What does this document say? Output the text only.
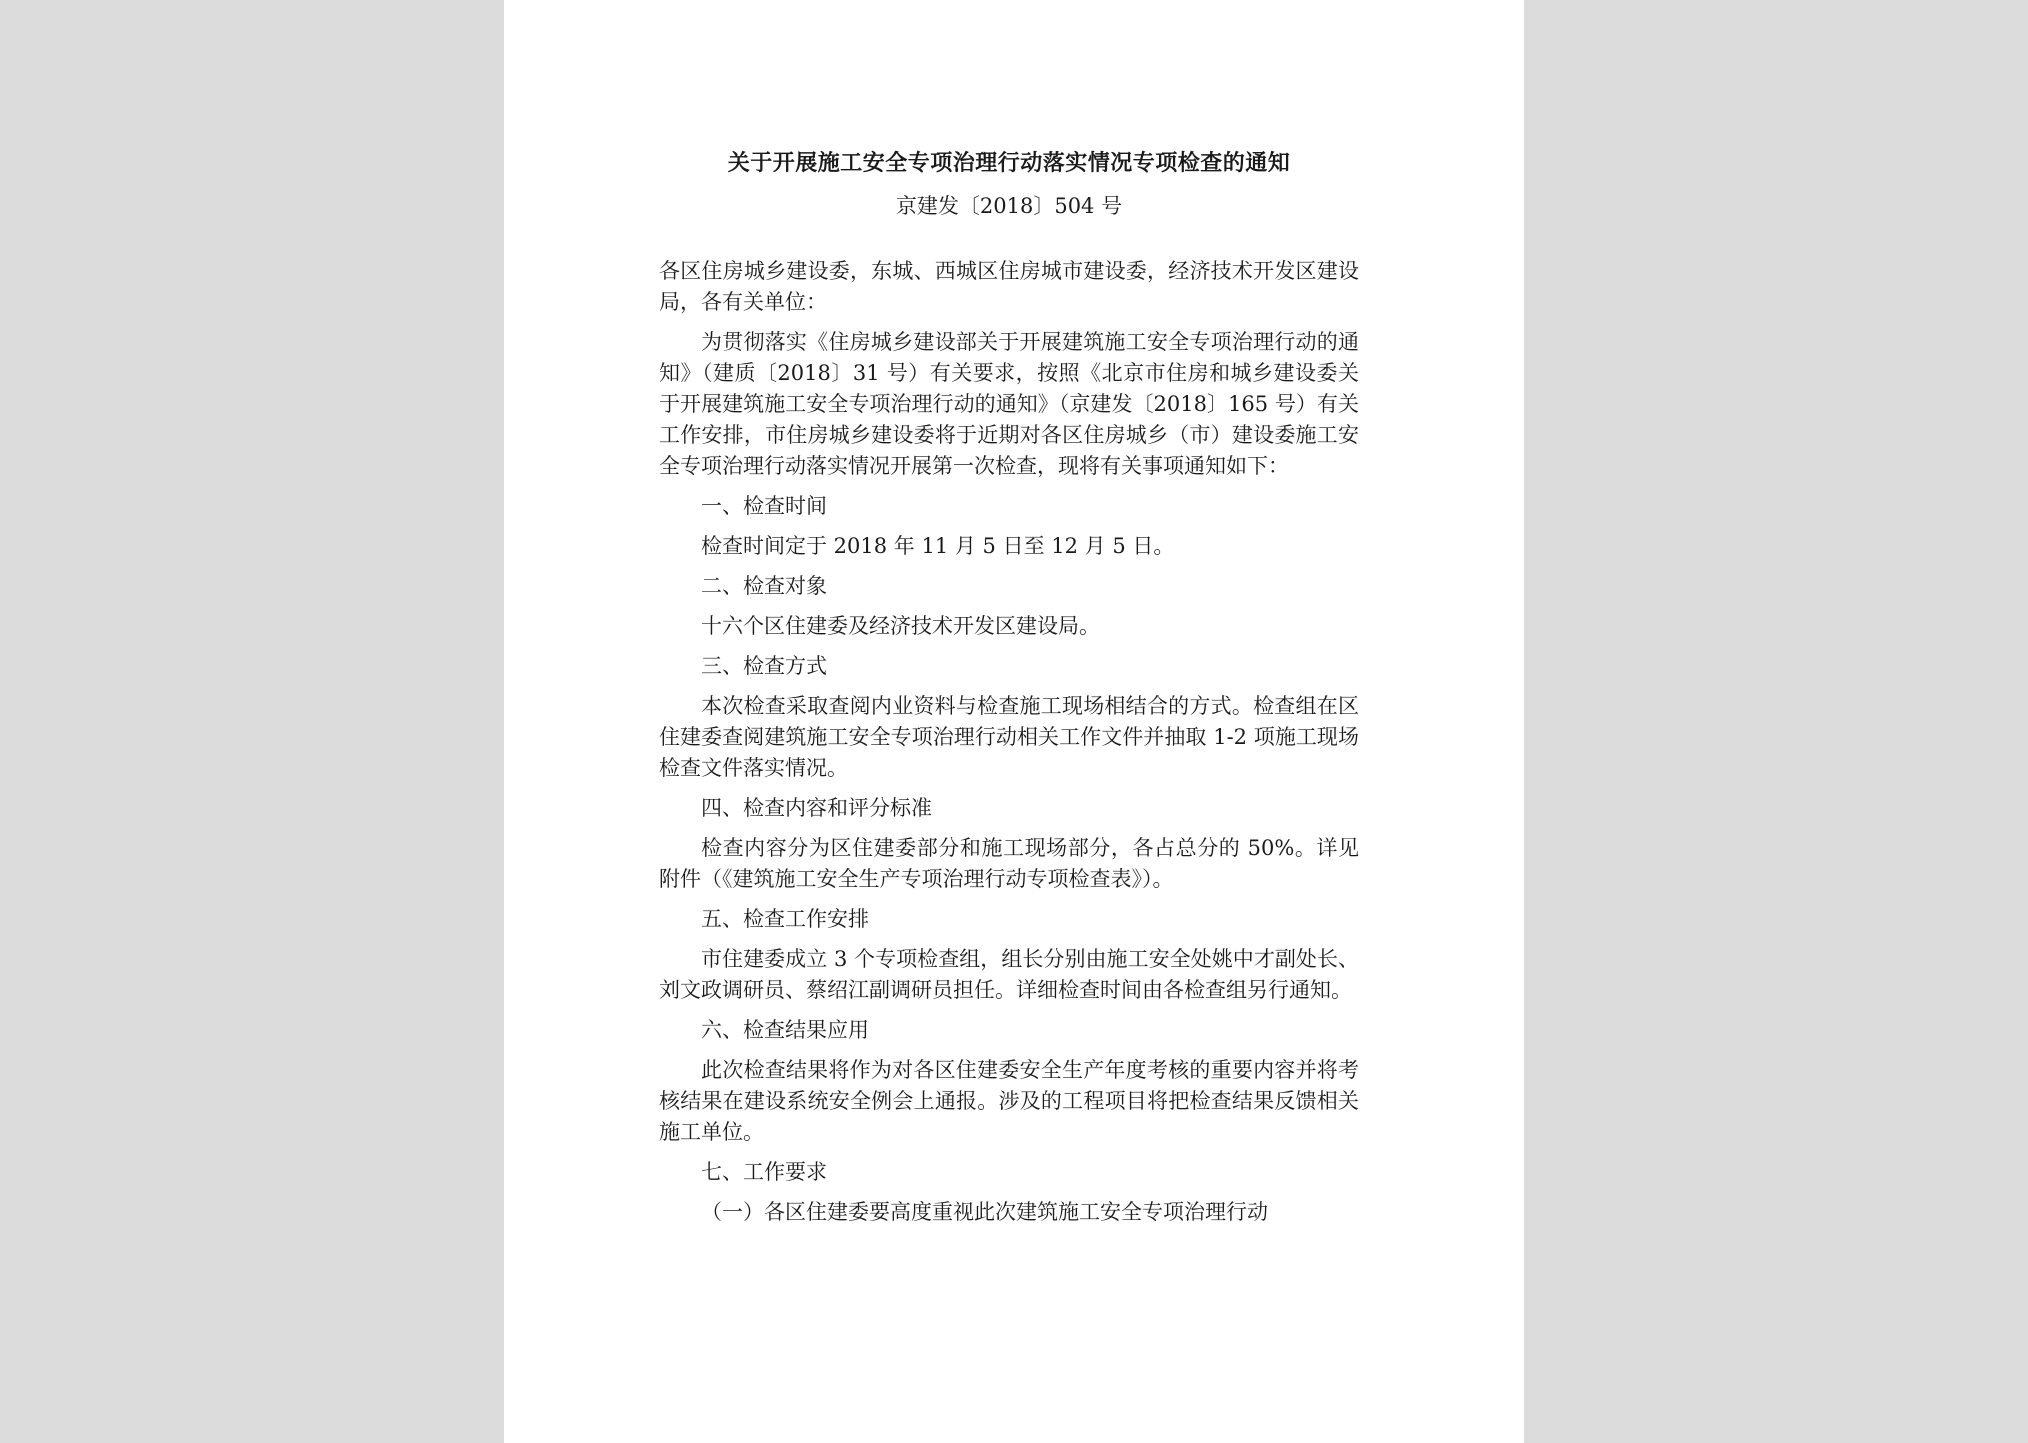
关于开展施工安全专项治理行动落实情况专项检查的通知
京建发〔2018〕504 号
各区住房城乡建设委，东城、西城区住房城市建设委，经济技术开发区建设局，各有关单位：
为贯彻落实《住房城乡建设部关于开展建筑施工安全专项治理行动的通知》（建质〔2018〕31 号）有关要求，按照《北京市住房和城乡建设委关于开展建筑施工安全专项治理行动的通知》（京建发〔2018〕165 号）有关工作安排，市住房城乡建设委将于近期对各区住房城乡（市）建设委施工安全专项治理行动落实情况开展第一次检查，现将有关事项通知如下：
一、检查时间
检查时间定于 2018 年 11 月 5 日至 12 月 5 日。
二、检查对象
十六个区住建委及经济技术开发区建设局。
三、检查方式
本次检查采取查阅内业资料与检查施工现场相结合的方式。检查组在区住建委查阅建筑施工安全专项治理行动相关工作文件并抽取 1-2 项施工现场检查文件落实情况。
四、检查内容和评分标准
检查内容分为区住建委部分和施工现场部分，各占总分的 50%。详见附件（《建筑施工安全生产专项治理行动专项检查表》）。
五、检查工作安排
市住建委成立 3 个专项检查组，组长分别由施工安全处姚中才副处长、刘文政调研员、蔡绍江副调研员担任。详细检查时间由各检查组另行通知。
六、检查结果应用
此次检查结果将作为对各区住建委安全生产年度考核的重要内容并将考核结果在建设系统安全例会上通报。涉及的工程项目将把检查结果反馈相关施工单位。
七、工作要求
（一）各区住建委要高度重视此次建筑施工安全专项治理行动
